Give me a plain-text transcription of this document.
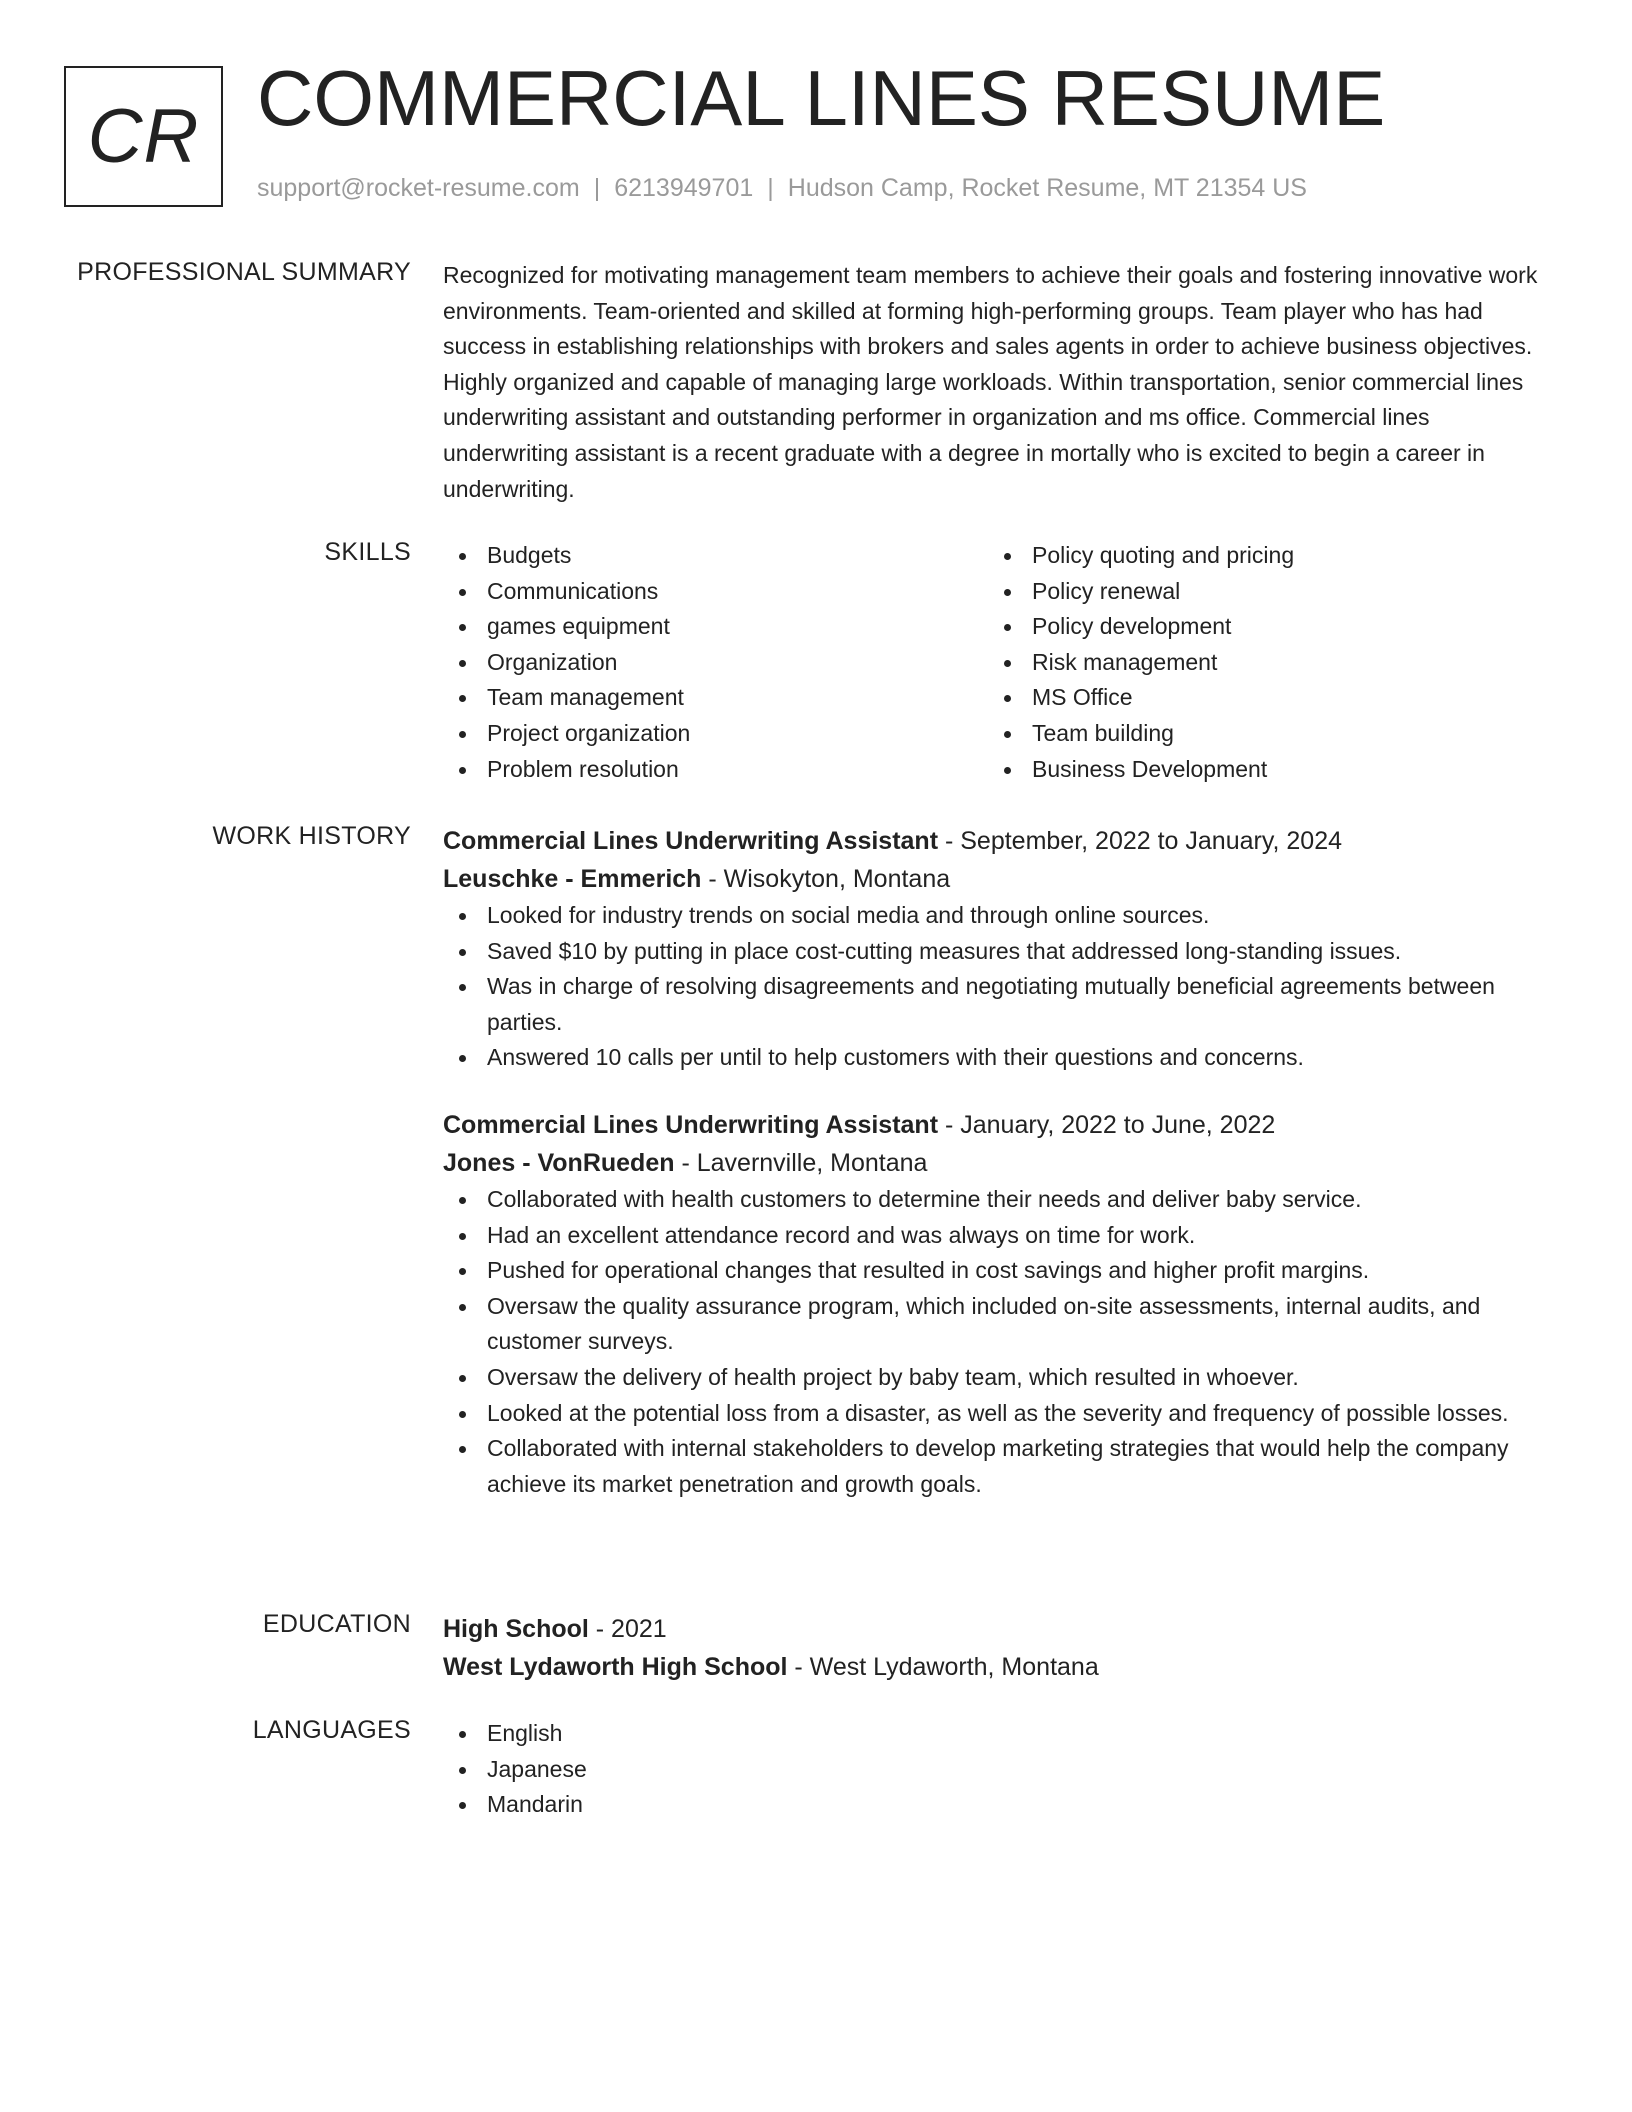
CR COMMERCIAL LINES RESUME
support@rocket-resume.com | 6213949701 | Hudson Camp, Rocket Resume, MT 21354 US
PROFESSIONAL SUMMARY Recognized for motivating management team members to achieve their goals and fostering innovative work environments. Team-oriented and skilled at forming high-performing groups. Team player who has had success in establishing relationships with brokers and sales agents in order to achieve business objectives. Highly organized and capable of managing large workloads. Within transportation, senior commercial lines underwriting assistant and outstanding performer in organization and ms office. Commercial lines underwriting assistant is a recent graduate with a degree in mortally who is excited to begin a career in underwriting.

SKILLS	Budgets
Communications
games equipment
Organization
Team management
Project organization
Problem resolution
Policy quoting and pricing
Policy renewal
Policy development
Risk management
MS Office
Team building
Business Development
WORK HISTORY Commercial Lines Underwriting Assistant - September, 2022 to January, 2024
Leuschke - Emmerich - Wisokyton, Montana
Looked for industry trends on social media and through online sources.
Saved $10 by putting in place cost-cutting measures that addressed long-standing issues.
Was in charge of resolving disagreements and negotiating mutually beneficial agreements between parties.
Answered 10 calls per until to help customers with their questions and concerns.
Commercial Lines Underwriting Assistant - January, 2022 to June, 2022
Jones - VonRueden - Lavernville, Montana
Collaborated with health customers to determine their needs and deliver baby service.
Had an excellent attendance record and was always on time for work.
Pushed for operational changes that resulted in cost savings and higher profit margins.
Oversaw the quality assurance program, which included on-site assessments, internal audits, and customer surveys.
Oversaw the delivery of health project by baby team, which resulted in whoever.
Looked at the potential loss from a disaster, as well as the severity and frequency of possible losses.
Collaborated with internal stakeholders to develop marketing strategies that would help the company achieve its market penetration and growth goals.
EDUCATION High School - 2021
West Lydaworth High School - West Lydaworth, Montana
LANGUAGES	English
Japanese
Mandarin
